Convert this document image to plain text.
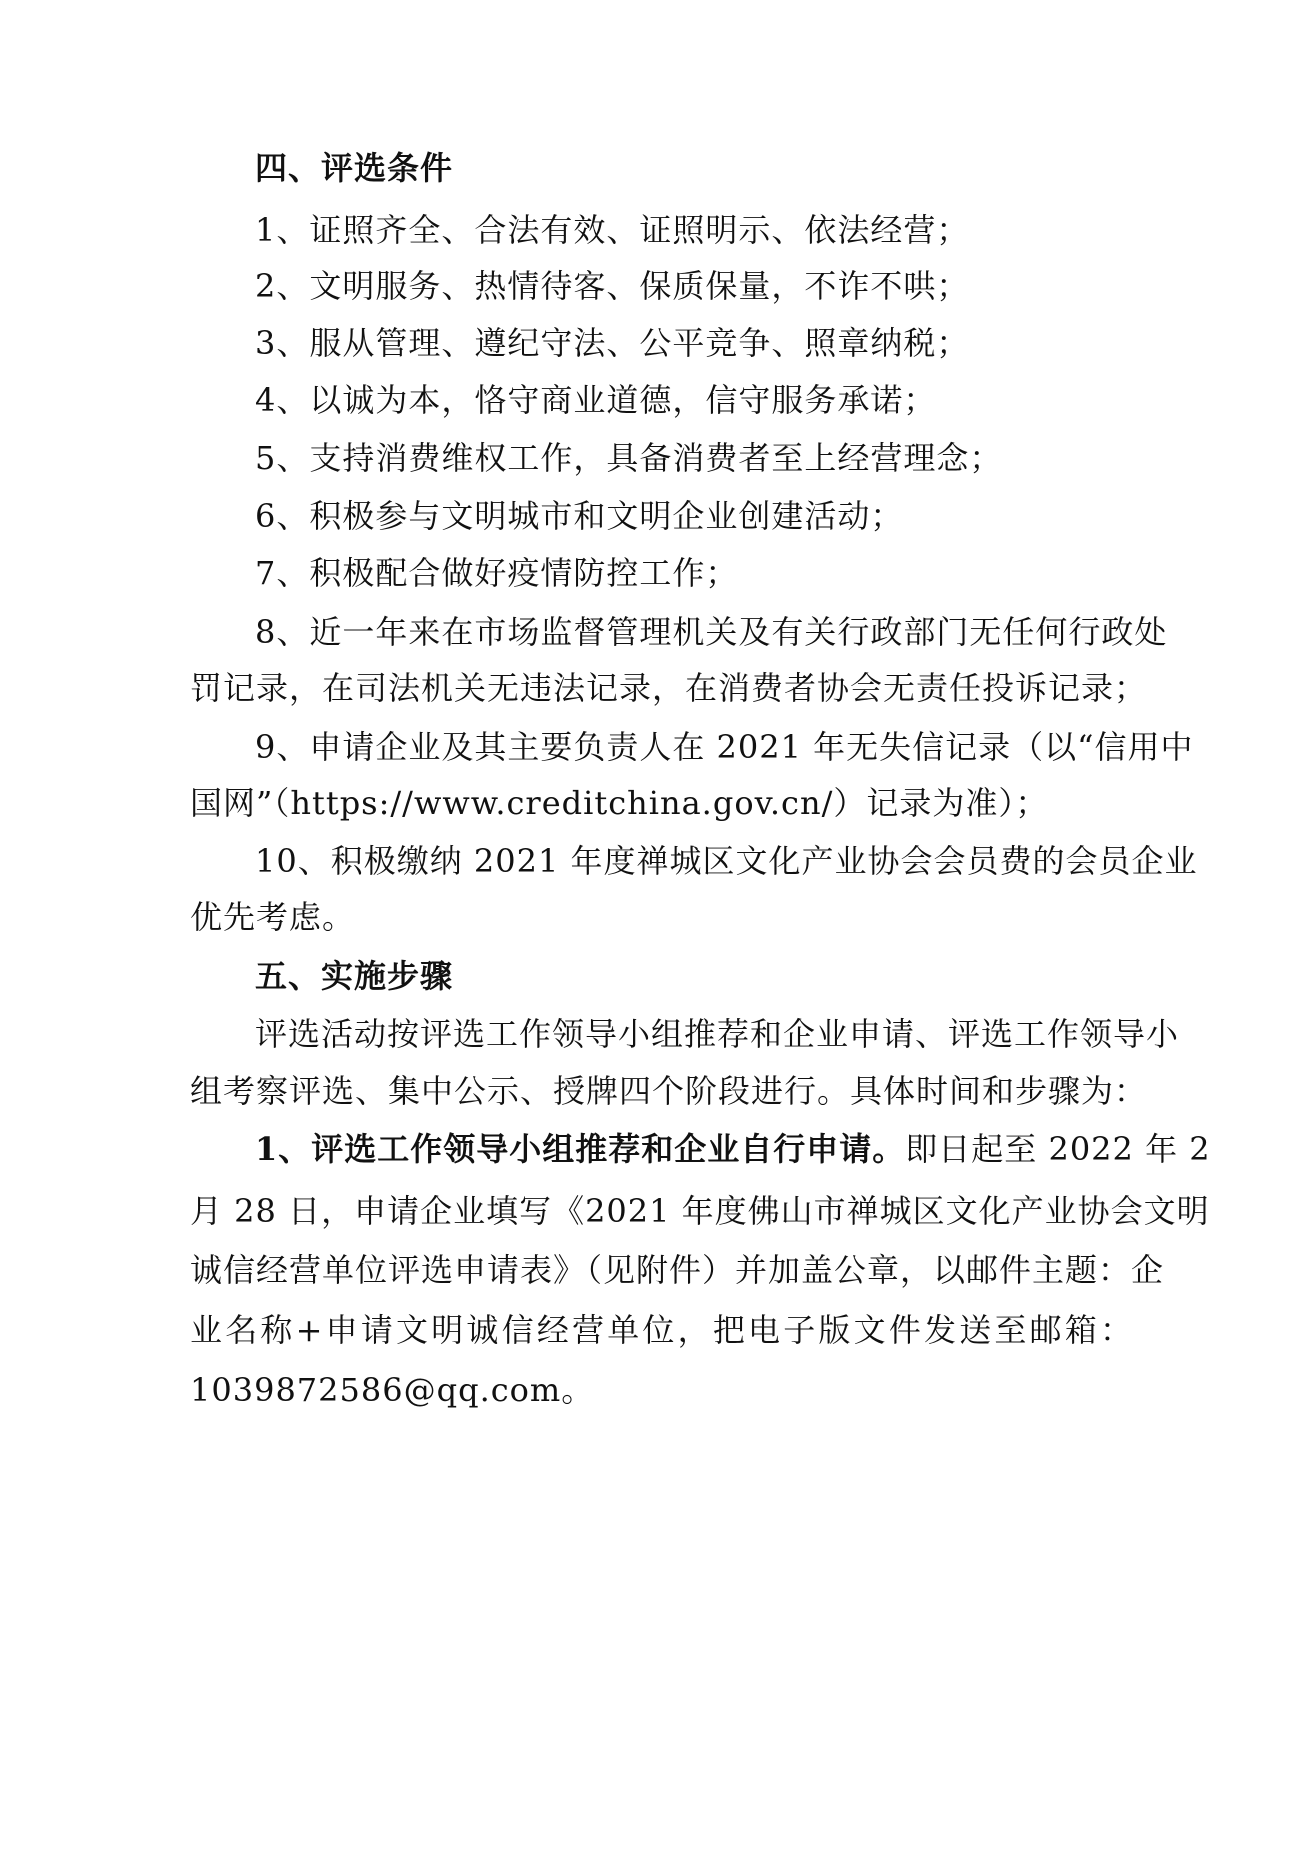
四、评选条件
1、证照齐全、合法有效、证照明示、依法经营；
2、文明服务、热情待客、保质保量，不诈不哄；
3、服从管理、遵纪守法、公平竞争、照章纳税；
4、以诚为本，恪守商业道德，信守服务承诺；
5、支持消费维权工作，具备消费者至上经营理念；
6、积极参与文明城市和文明企业创建活动；
7、积极配合做好疫情防控工作；
8、近一年来在市场监督管理机关及有关行政部门无任何行政处
罚记录，在司法机关无违法记录，在消费者协会无责任投诉记录；
9、申请企业及其主要负责人在 2021 年无失信记录（以“信用中
国网”（https://www.creditchina.gov.cn/）记录为准）；
10、积极缴纳 2021 年度禅城区文化产业协会会员费的会员企业
优先考虑。
五、实施步骤
评选活动按评选工作领导小组推荐和企业申请、评选工作领导小
组考察评选、集中公示、授牌四个阶段进行。具体时间和步骤为：
1、评选工作领导小组推荐和企业自行申请。即日起至 2022 年 2
月 28 日，申请企业填写《2021 年度佛山市禅城区文化产业协会文明
诚信经营单位评选申请表》（见附件）并加盖公章，以邮件主题：企
业名称+申请文明诚信经营单位，把电子版文件发送至邮箱：
1039872586@qq.com。
